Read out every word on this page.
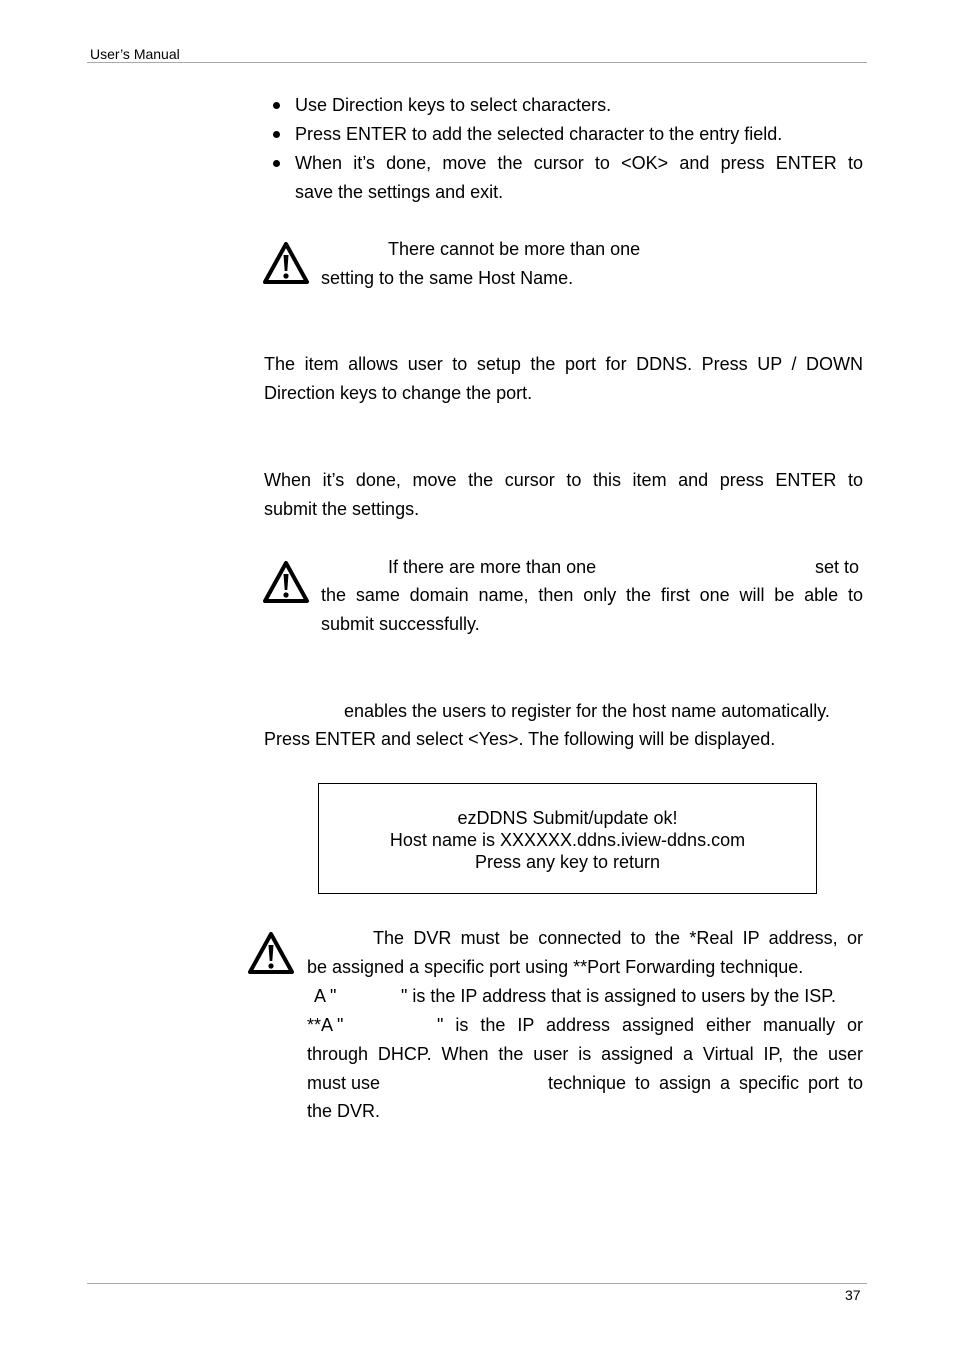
User’s Manual
Use Direction keys to select characters.
Press ENTER to add the selected character to the entry field.
When it’s done, move the cursor to <OK> and press ENTER to
save the settings and exit.
There cannot be more than one
setting to the same Host Name.
The item allows user to setup the port for DDNS. Press UP / DOWN
Direction keys to change the port.
When it’s done, move the cursor to this item and press ENTER to
submit the settings.
If there are more than one	set to
the same domain name, then only the first one will be able to
submit successfully.
enables the users to register for the host name automatically.
Press ENTER and select <Yes>. The following will be displayed.
ezDDNS Submit/update ok!
Host name is XXXXXX.ddns.iview-ddns.com
Press any key to return
The DVR must be connected to the *Real IP address, or
be assigned a specific port using **Port Forwarding technique.
A "	" is the IP address that is assigned to users by the ISP.
**A "	" is the IP address assigned either manually or
through DHCP. When the user is assigned a Virtual IP, the user
must use	technique to assign a specific port to
the DVR.
37
